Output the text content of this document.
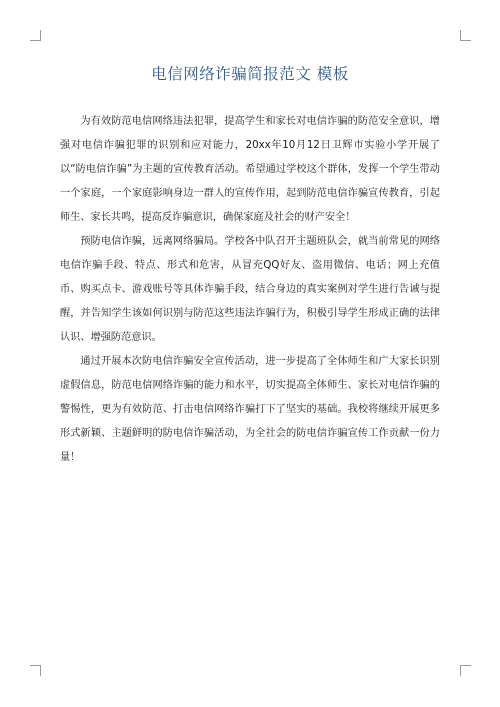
电信网络诈骗简报范文 模板

为有效防范电信网络违法犯罪，提高学生和家长对电信诈骗的防范安全意识，增强对电信诈骗犯罪的识别和应对能力，20xx年10月12日卫辉市实验小学开展了以“防电信诈骗”为主题的宣传教育活动。希望通过学校这个群体，发挥一个学生带动一个家庭，一个家庭影响身边一群人的宣传作用，起到防范电信诈骗宣传教育，引起师生、家长共鸣，提高反诈骗意识，确保家庭及社会的财产安全！

预防电信诈骗，远离网络骗局。学校各中队召开主题班队会，就当前常见的网络电信诈骗手段、特点、形式和危害，从冒充QQ好友、盗用微信、电话；网上充值币、购买点卡、游戏账号等具体诈骗手段，结合身边的真实案例对学生进行告诫与提醒，并告知学生该如何识别与防范这些违法诈骗行为，积极引导学生形成正确的法律认识、增强防范意识。

通过开展本次防电信诈骗安全宣传活动，进一步提高了全体师生和广大家长识别虚假信息，防范电信网络诈骗的能力和水平，切实提高全体师生、家长对电信诈骗的警惕性，更为有效防范、打击电信网络诈骗打下了坚实的基础。我校将继续开展更多形式新颖、主题鲜明的防电信诈骗活动，为全社会的防电信诈骗宣传工作贡献一份力量！
